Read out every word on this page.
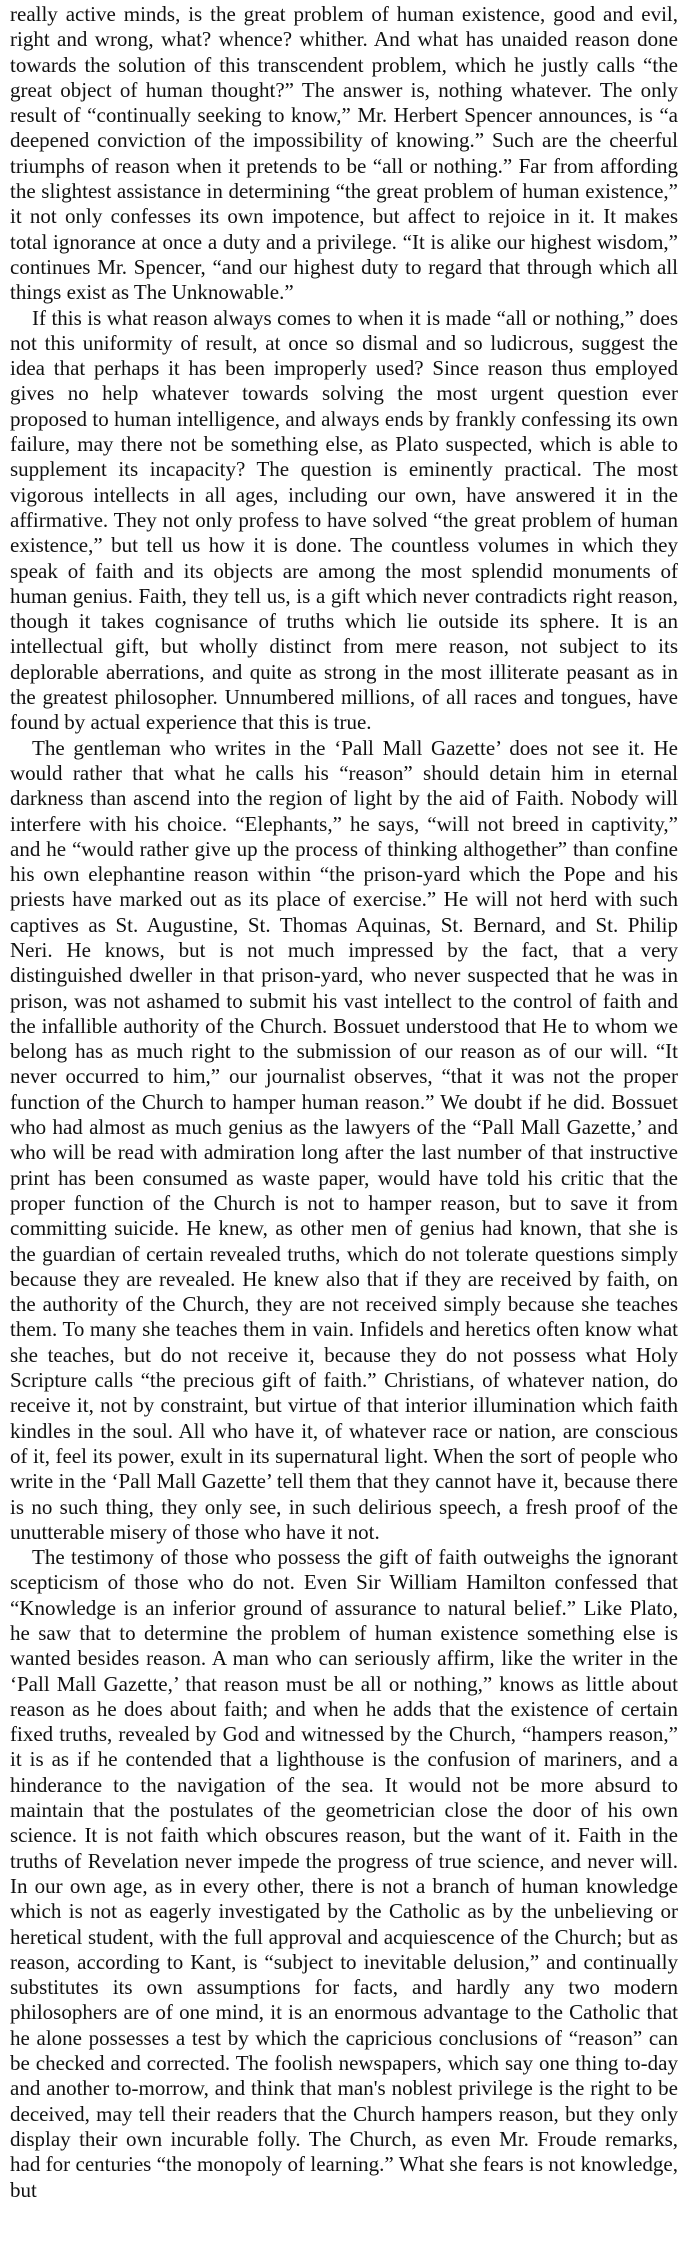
really active minds, is the great problem of human existence, good and evil, right and wrong, what? whence? whither. And what has unaided reason done towards the solution of this transcendent problem, which he justly calls “the great object of human thought?” The answer is, nothing whatever. The only result of “continually seeking to know,” Mr. Herbert Spencer announces, is “a deepened conviction of the impossibility of knowing.” Such are the cheerful triumphs of reason when it pretends to be “all or nothing.” Far from affording the slightest assistance in determining “the great problem of human existence,” it not only confesses its own impotence, but affect to rejoice in it. It makes total ignorance at once a duty and a privilege. “It is alike our highest wisdom,” continues Mr. Spencer, “and our highest duty to regard that through which all things exist as The Unknowable.”

If this is what reason always comes to when it is made “all or nothing,” does not this uniformity of result, at once so dismal and so ludicrous, suggest the idea that perhaps it has been improperly used? Since reason thus employed gives no help whatever towards solving the most urgent question ever proposed to human intelligence, and always ends by frankly confessing its own failure, may there not be something else, as Plato suspected, which is able to supplement its incapacity? The question is eminently practical. The most vigorous intellects in all ages, including our own, have answered it in the affirmative. They not only profess to have solved “the great problem of human existence,” but tell us how it is done. The countless volumes in which they speak of faith and its objects are among the most splendid monuments of human genius. Faith, they tell us, is a gift which never contradicts right reason, though it takes cognisance of truths which lie outside its sphere. It is an intellectual gift, but wholly distinct from mere reason, not subject to its deplorable aberrations, and quite as strong in the most illiterate peasant as in the greatest philosopher. Unnumbered millions, of all races and tongues, have found by actual experience that this is true.

The gentleman who writes in the ‘Pall Mall Gazette’ does not see it. He would rather that what he calls his “reason” should detain him in eternal darkness than ascend into the region of light by the aid of Faith. Nobody will interfere with his choice. “Elephants,” he says, “will not breed in captivity,” and he “would rather give up the process of thinking althogether” than confine his own elephantine reason within “the prison-yard which the Pope and his priests have marked out as its place of exercise.” He will not herd with such captives as St. Augustine, St. Thomas Aquinas, St. Bernard, and St. Philip Neri. He knows, but is not much impressed by the fact, that a very distinguished dweller in that prison-yard, who never suspected that he was in prison, was not ashamed to submit his vast intellect to the control of faith and the infallible authority of the Church. Bossuet understood that He to whom we belong has as much right to the submission of our reason as of our will. “It never occurred to him,” our journalist observes, “that it was not the proper function of the Church to hamper human reason.” We doubt if he did. Bossuet who had almost as much genius as the lawyers of the “Pall Mall Gazette,’ and who will be read with admiration long after the last number of that instructive print has been consumed as waste paper, would have told his critic that the proper function of the Church is not to hamper reason, but to save it from committing suicide. He knew, as other men of genius had known, that she is the guardian of certain revealed truths, which do not tolerate questions simply because they are revealed. He knew also that if they are received by faith, on the authority of the Church, they are not received simply because she teaches them. To many she teaches them in vain. Infidels and heretics often know what she teaches, but do not receive it, because they do not possess what Holy Scripture calls “the precious gift of faith.” Christians, of whatever nation, do receive it, not by constraint, but virtue of that interior illumination which faith kindles in the soul. All who have it, of whatever race or nation, are conscious of it, feel its power, exult in its supernatural light. When the sort of people who write in the ‘Pall Mall Gazette’ tell them that they cannot have it, because there is no such thing, they only see, in such delirious speech, a fresh proof of the unutterable misery of those who have it not.

The testimony of those who possess the gift of faith outweighs the ignorant scepticism of those who do not. Even Sir William Hamilton confessed that “Knowledge is an inferior ground of assurance to natural belief.” Like Plato, he saw that to determine the problem of human existence something else is wanted besides reason. A man who can seriously affirm, like the writer in the ‘Pall Mall Gazette,’ that reason must be all or nothing,” knows as little about reason as he does about faith; and when he adds that the existence of certain fixed truths, revealed by God and witnessed by the Church, “hampers reason,” it is as if he contended that a lighthouse is the confusion of mariners, and a hinderance to the navigation of the sea. It would not be more absurd to maintain that the postulates of the geometrician close the door of his own science. It is not faith which obscures reason, but the want of it. Faith in the truths of Revelation never impede the progress of true science, and never will. In our own age, as in every other, there is not a branch of human knowledge which is not as eagerly investigated by the Catholic as by the unbelieving or heretical student, with the full approval and acquiescence of the Church; but as reason, according to Kant, is “subject to inevitable delusion,” and continually substitutes its own assumptions for facts, and hardly any two modern philosophers are of one mind, it is an enormous advantage to the Catholic that he alone possesses a test by which the capricious conclusions of “reason” can be checked and corrected. The foolish newspapers, which say one thing to-day and another to-morrow, and think that man's noblest privilege is the right to be deceived, may tell their readers that the Church hampers reason, but they only display their own incurable folly. The Church, as even Mr. Froude remarks, had for centuries “the monopoly of learning.” What she fears is not knowledge, but
